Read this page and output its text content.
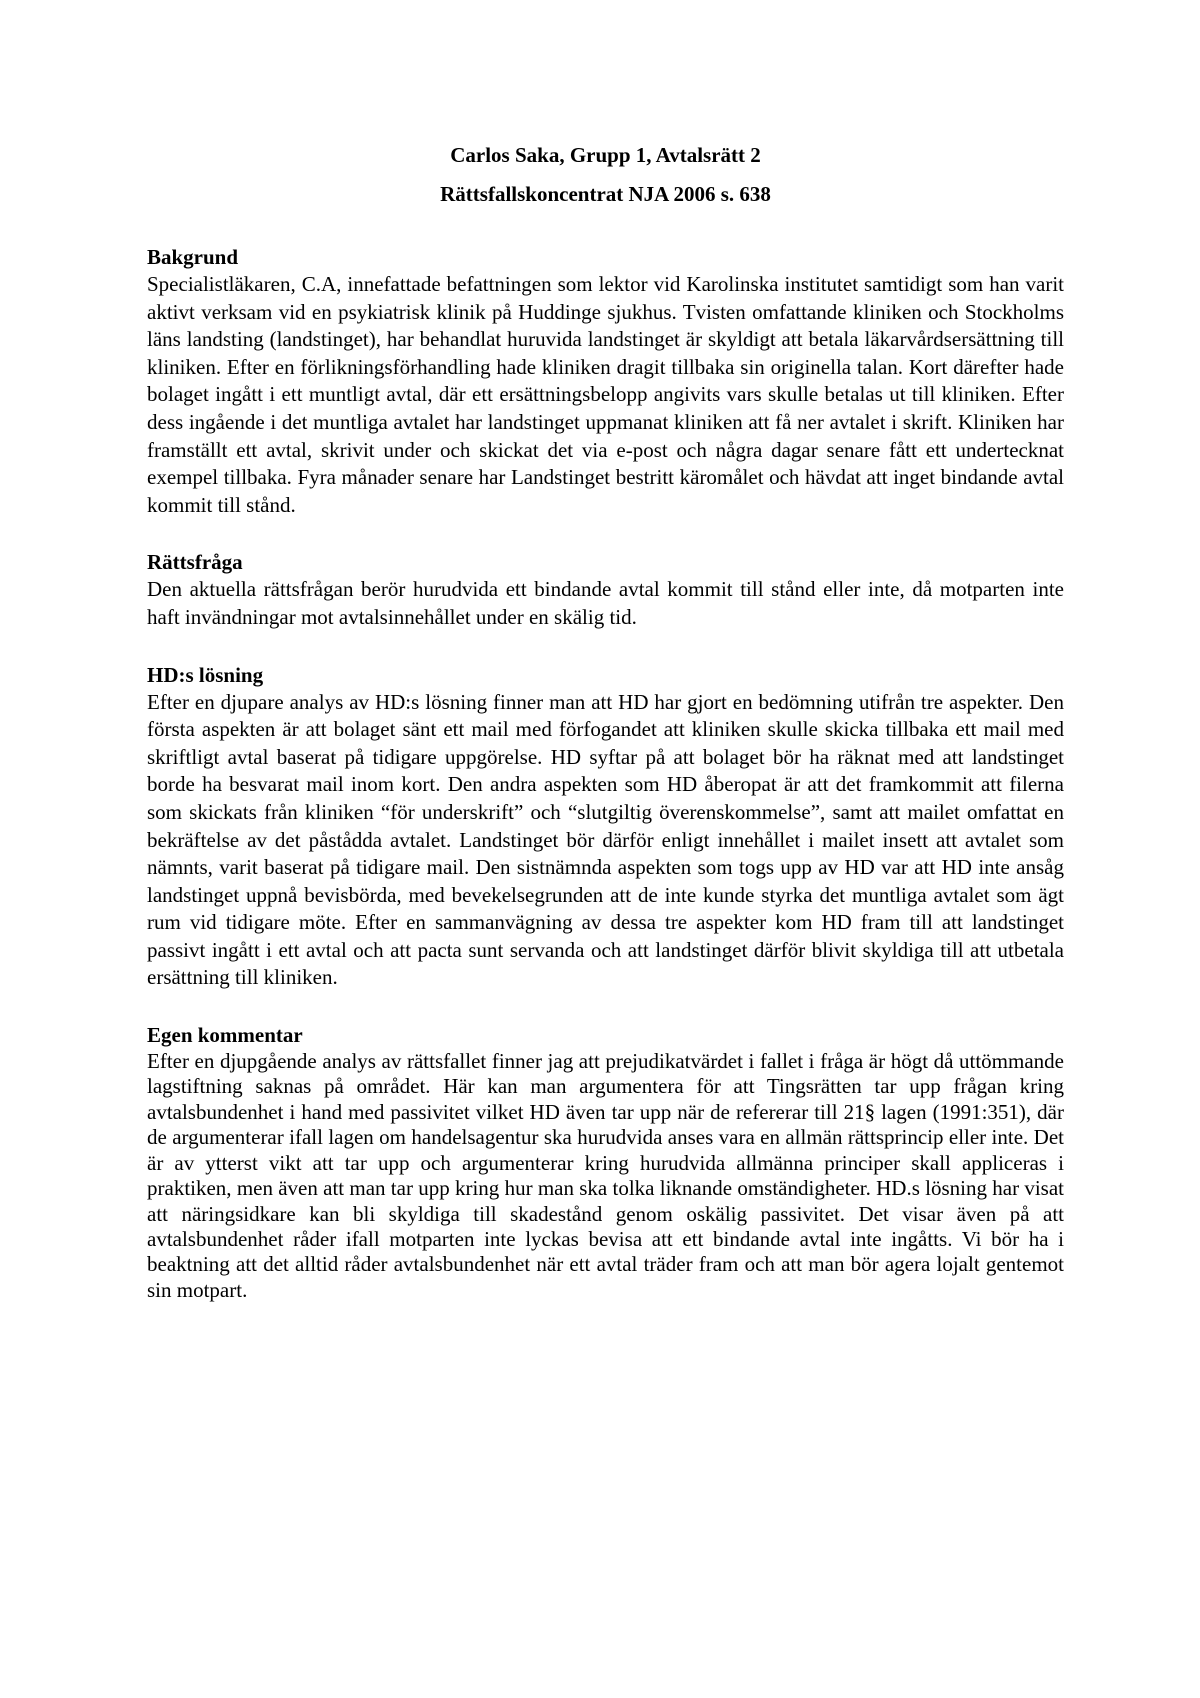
Carlos Saka, Grupp 1, Avtalsrätt 2

Rättsfallskoncentrat NJA 2006 s. 638

Bakgrund

Specialistläkaren, C.A, innefattade befattningen som lektor vid Karolinska institutet samtidigt som han varit aktivt verksam vid en psykiatrisk klinik på Huddinge sjukhus. Tvisten omfattande kliniken och Stockholms läns landsting (landstinget), har behandlat huruvida landstinget är skyldigt att betala läkarvårdsersättning till kliniken. Efter en förlikningsförhandling hade kliniken dragit tillbaka sin originella talan. Kort därefter hade bolaget ingått i ett muntligt avtal, där ett ersättningsbelopp angivits vars skulle betalas ut till kliniken. Efter dess ingående i det muntliga avtalet har landstinget uppmanat kliniken att få ner avtalet i skrift. Kliniken har framställt ett avtal, skrivit under och skickat det via e-post och några dagar senare fått ett undertecknat exempel tillbaka. Fyra månader senare har Landstinget bestritt käromålet och hävdat att inget bindande avtal kommit till stånd.

Rättsfråga

Den aktuella rättsfrågan berör hurudvida ett bindande avtal kommit till stånd eller inte, då motparten inte haft invändningar mot avtalsinnehållet under en skälig tid.

HD:s lösning

Efter en djupare analys av HD:s lösning finner man att HD har gjort en bedömning utifrån tre aspekter. Den första aspekten är att bolaget sänt ett mail med förfogandet att kliniken skulle skicka tillbaka ett mail med skriftligt avtal baserat på tidigare uppgörelse. HD syftar på att bolaget bör ha räknat med att landstinget borde ha besvarat mail inom kort. Den andra aspekten som HD åberopat är att det framkommit att filerna som skickats från kliniken “för underskrift” och “slutgiltig överenskommelse”, samt att mailet omfattat en bekräftelse av det påstådda avtalet. Landstinget bör därför enligt innehållet i mailet insett att avtalet som nämnts, varit baserat på tidigare mail. Den sistnämnda aspekten som togs upp av HD var att HD inte ansåg landstinget uppnå bevisbörda, med bevekelsegrunden att de inte kunde styrka det muntliga avtalet som ägt rum vid tidigare möte. Efter en sammanvägning av dessa tre aspekter kom HD fram till att landstinget passivt ingått i ett avtal och att pacta sunt servanda och att landstinget därför blivit skyldiga till att utbetala ersättning till kliniken.

Egen kommentar

Efter en djupgående analys av rättsfallet finner jag att prejudikatvärdet i fallet i fråga är högt då uttömmande lagstiftning saknas på området. Här kan man argumentera för att Tingsrätten tar upp frågan kring avtalsbundenhet i hand med passivitet vilket HD även tar upp när de refererar till 21§ lagen (1991:351), där de argumenterar ifall lagen om handelsagentur ska hurudvida anses vara en allmän rättsprincip eller inte. Det är av ytterst vikt att tar upp och argumenterar kring hurudvida allmänna principer skall appliceras i praktiken, men även att man tar upp kring hur man ska tolka liknande omständigheter. HD.s lösning har visat att näringsidkare kan bli skyldiga till skadestånd genom oskälig passivitet. Det visar även på att avtalsbundenhet råder ifall motparten inte lyckas bevisa att ett bindande avtal inte ingåtts. Vi bör ha i beaktning att det alltid råder avtalsbundenhet när ett avtal träder fram och att man bör agera lojalt gentemot sin motpart.
